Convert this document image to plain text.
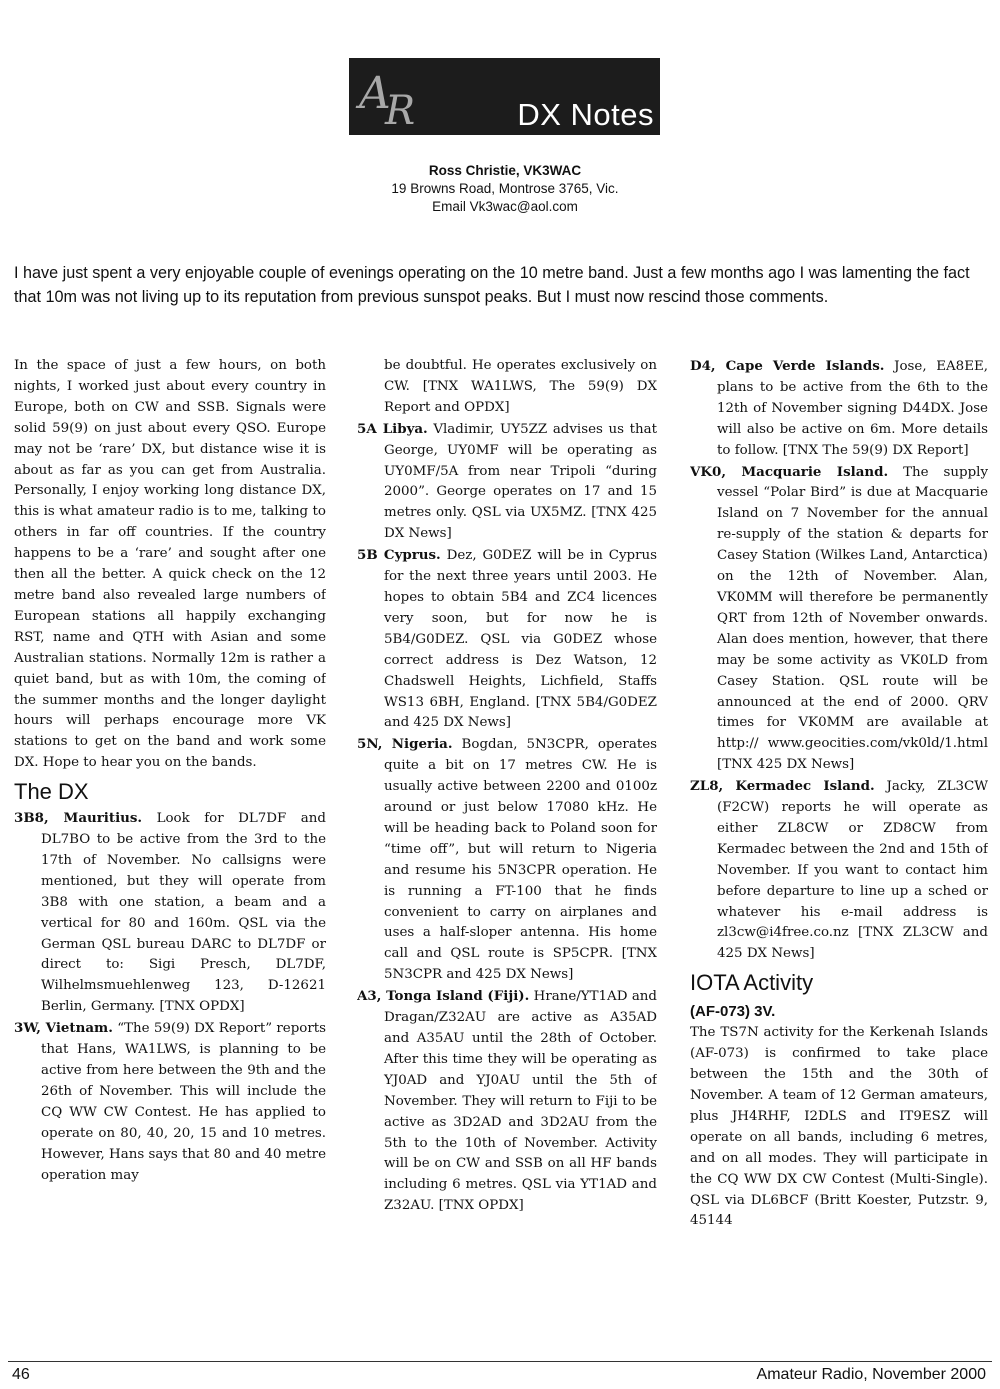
A
R	DX Notes
Ross Christie, VK3WAC
19 Browns Road, Montrose 3765, Vic.
Email Vk3wac@aol.com

I have just spent a very enjoyable couple of evenings operating on the 10 metre band. Just a few months ago I was lamenting the fact that 10m was not living up to its reputation from previous sunspot peaks. But I must now rescind those comments.

In the space of just a few hours, on both nights, I worked just about every country in Europe, both on CW and SSB. Signals were solid 59(9) on just about every QSO. Europe may not be ‘rare’ DX, but distance wise it is about as far as you can get from Australia. Personally, I enjoy working long distance DX, this is what amateur radio is to me, talking to others in far off countries. If the country happens to be a ‘rare’ and sought after one then all the better. A quick check on the 12 metre band also revealed large numbers of European stations all happily exchanging RST, name and QTH with Asian and some Australian stations. Normally 12m is rather a quiet band, but as with 10m, the coming of the summer months and the longer daylight hours will perhaps encourage more VK stations to get on the band and work some DX. Hope to hear you on the bands.

The DX

3B8, Mauritius. Look for DL7DF and DL7BO to be active from the 3rd to the 17th of November. No callsigns were mentioned, but they will operate from 3B8 with one station, a beam and a vertical for 80 and 160m. QSL via the German QSL bureau DARC to DL7DF or direct to: Sigi Presch, DL7DF, Wilhelmsmuehlenweg 123, D-12621 Berlin, Germany. [TNX OPDX]

3W, Vietnam. “The 59(9) DX Report” reports that Hans, WA1LWS, is planning to be active from here between the 9th and the 26th of November. This will include the CQ WW CW Contest. He has applied to operate on 80, 40, 20, 15 and 10 metres. However, Hans says that 80 and 40 metre operation may

be doubtful. He operates exclusively on CW. [TNX WA1LWS, The 59(9) DX Report and OPDX]

5A Libya. Vladimir, UY5ZZ advises us that George, UY0MF will be operating as UY0MF/5A from near Tripoli “during 2000”. George operates on 17 and 15 metres only. QSL via UX5MZ. [TNX 425 DX News]

5B Cyprus. Dez, G0DEZ will be in Cyprus for the next three years until 2003. He hopes to obtain 5B4 and ZC4 licences very soon, but for now he is 5B4/G0DEZ. QSL via G0DEZ whose correct address is Dez Watson, 12 Chadswell Heights, Lichfield, Staffs WS13 6BH, England. [TNX 5B4/G0DEZ and 425 DX News]

5N, Nigeria. Bogdan, 5N3CPR, operates quite a bit on 17 metres CW. He is usually active between 2200 and 0100z around or just below 17080 kHz. He will be heading back to Poland soon for “time off”, but will return to Nigeria and resume his 5N3CPR operation. He is running a FT-100 that he finds convenient to carry on airplanes and uses a half-sloper antenna. His home call and QSL route is SP5CPR. [TNX 5N3CPR and 425 DX News]

A3, Tonga Island (Fiji). Hrane/YT1AD and Dragan/Z32AU are active as A35AD and A35AU until the 28th of October. After this time they will be operating as YJ0AD and YJ0AU until the 5th of November. They will return to Fiji to be active as 3D2AD and 3D2AU from the 5th to the 10th of November. Activity will be on CW and SSB on all HF bands including 6 metres. QSL via YT1AD and Z32AU. [TNX OPDX]

D4, Cape Verde Islands. Jose, EA8EE, plans to be active from the 6th to the 12th of November signing D44DX. Jose will also be active on 6m. More details to follow. [TNX The 59(9) DX Report]

VK0, Macquarie Island. The supply vessel “Polar Bird” is due at Macquarie Island on 7 November for the annual re-supply of the station & departs for Casey Station (Wilkes Land, Antarctica) on the 12th of November. Alan, VK0MM will therefore be permanently QRT from 12th of November onwards. Alan does mention, however, that there may be some activity as VK0LD from Casey Station. QSL route will be announced at the end of 2000. QRV times for VK0MM are available at http:// www.geocities.com/vk0ld/1.html [TNX 425 DX News]

ZL8, Kermadec Island. Jacky, ZL3CW (F2CW) reports he will operate as either ZL8CW or ZD8CW from Kermadec between the 2nd and 15th of November. If you want to contact him before departure to line up a sched or whatever his e-mail address is zl3cw@i4free.co.nz [TNX ZL3CW and 425 DX News]

IOTA Activity
(AF-073) 3V.

The TS7N activity for the Kerkenah Islands (AF-073) is confirmed to take place between the 15th and the 30th of November. A team of 12 German amateurs, plus JH4RHF, I2DLS and IT9ESZ will operate on all bands, including 6 metres, and on all modes. They will participate in the CQ WW DX CW Contest (Multi-Single). QSL via DL6BCF (Britt Koester, Putzstr. 9, 45144

46	Amateur Radio, November 2000
